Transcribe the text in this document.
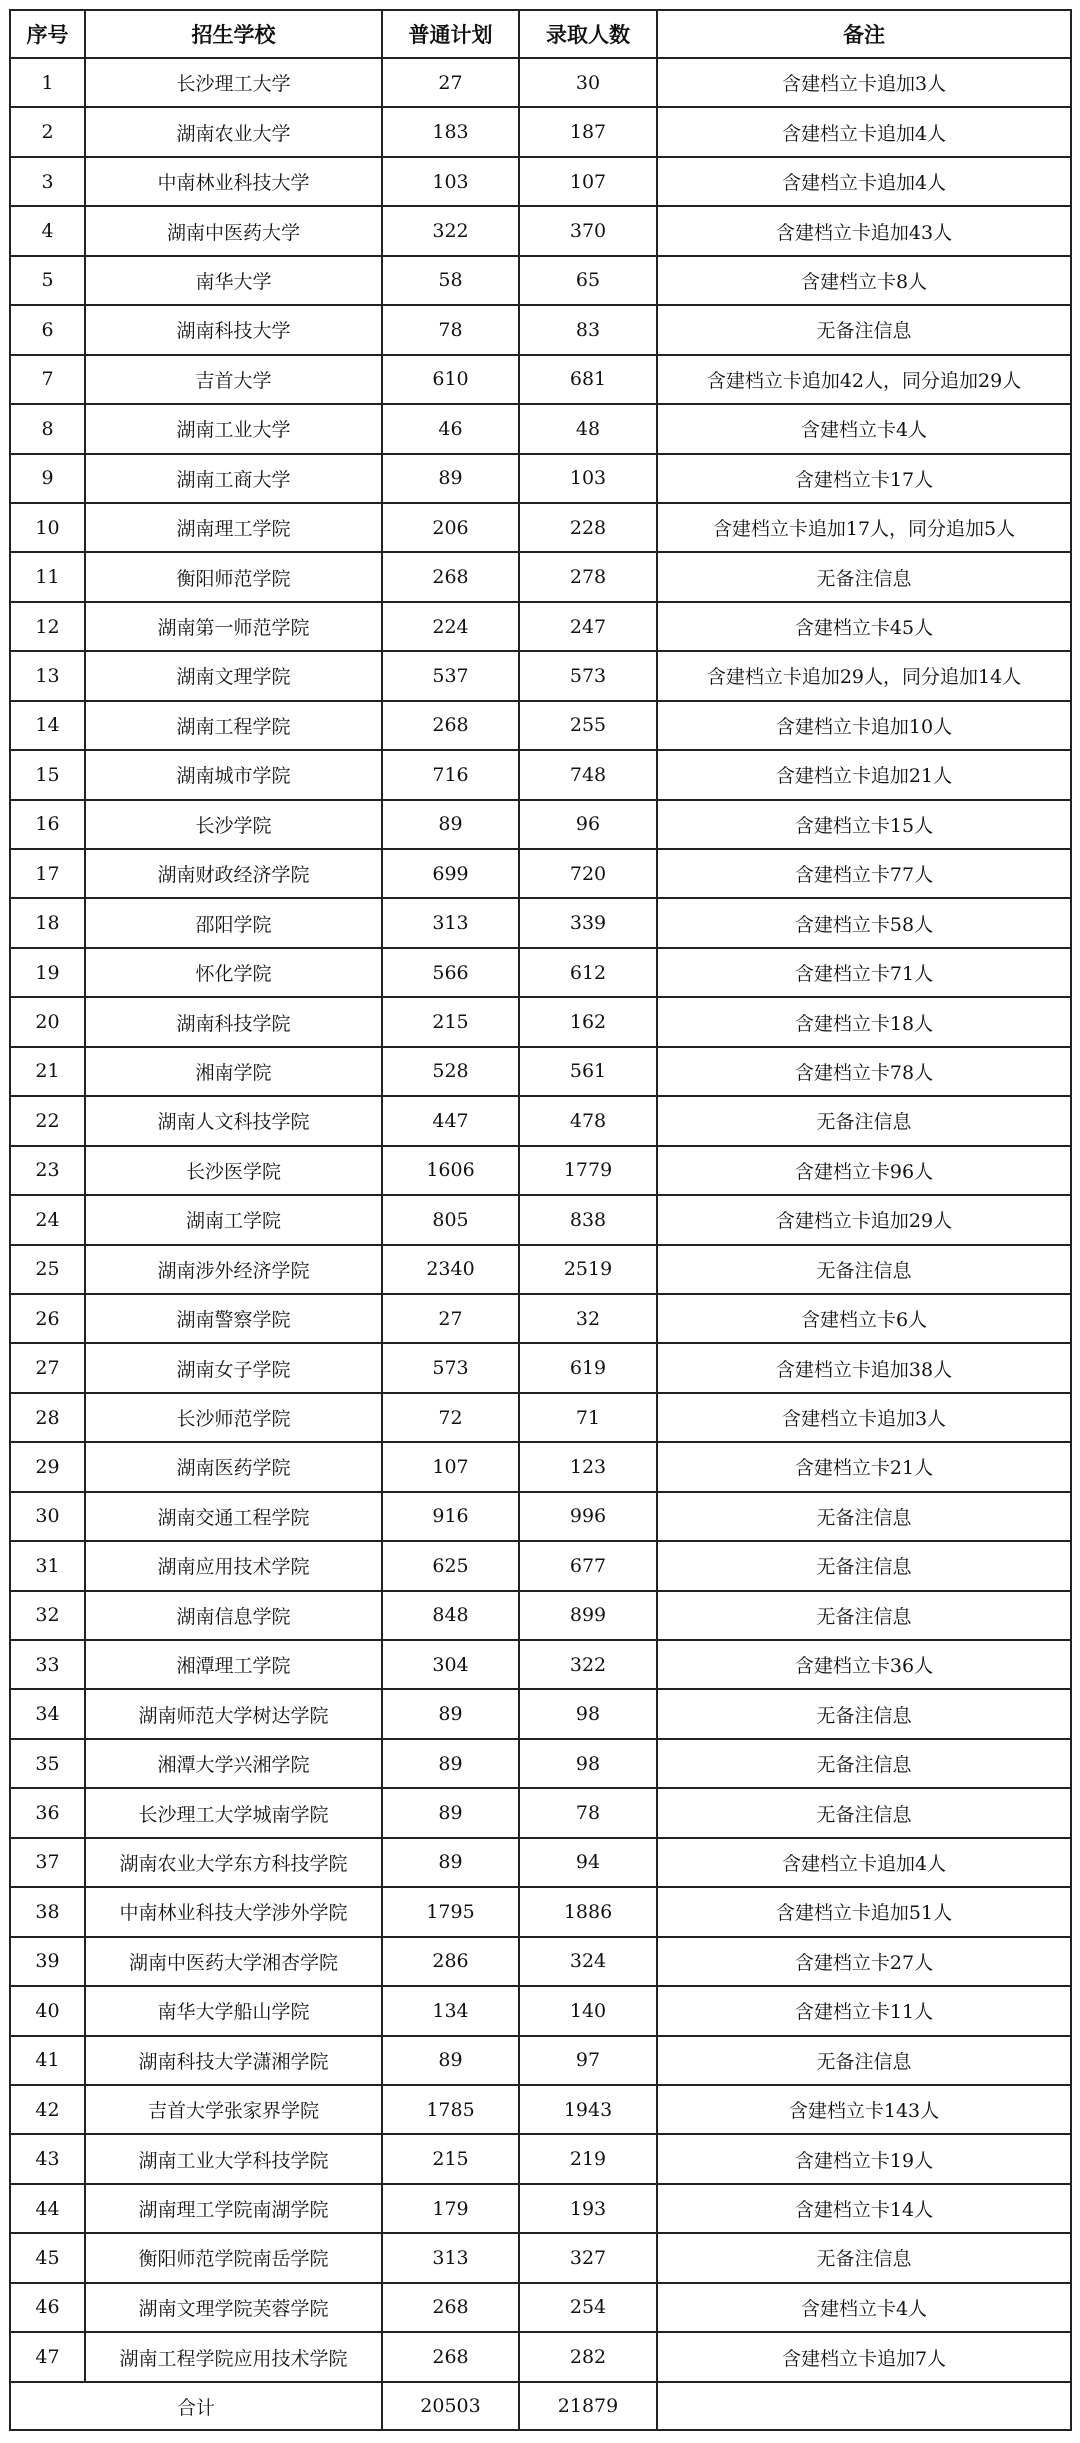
序号	招生学校	普通计划	录取人数	备注
1	长沙理工大学	27	30	含建档立卡追加3人
2	湖南农业大学	183	187	含建档立卡追加4人
3	中南林业科技大学	103	107	含建档立卡追加4人
4	湖南中医药大学	322	370	含建档立卡追加43人
5	南华大学	58	65	含建档立卡8人
6	湖南科技大学	78	83	无备注信息
7	吉首大学	610	681	含建档立卡追加42人，同分追加29人
8	湖南工业大学	46	48	含建档立卡4人
9	湖南工商大学	89	103	含建档立卡17人
10	湖南理工学院	206	228	含建档立卡追加17人，同分追加5人
11	衡阳师范学院	268	278	无备注信息
12	湖南第一师范学院	224	247	含建档立卡45人
13	湖南文理学院	537	573	含建档立卡追加29人，同分追加14人
14	湖南工程学院	268	255	含建档立卡追加10人
15	湖南城市学院	716	748	含建档立卡追加21人
16	长沙学院	89	96	含建档立卡15人
17	湖南财政经济学院	699	720	含建档立卡77人
18	邵阳学院	313	339	含建档立卡58人
19	怀化学院	566	612	含建档立卡71人
20	湖南科技学院	215	162	含建档立卡18人
21	湘南学院	528	561	含建档立卡78人
22	湖南人文科技学院	447	478	无备注信息
23	长沙医学院	1606	1779	含建档立卡96人
24	湖南工学院	805	838	含建档立卡追加29人
25	湖南涉外经济学院	2340	2519	无备注信息
26	湖南警察学院	27	32	含建档立卡6人
27	湖南女子学院	573	619	含建档立卡追加38人
28	长沙师范学院	72	71	含建档立卡追加3人
29	湖南医药学院	107	123	含建档立卡21人
30	湖南交通工程学院	916	996	无备注信息
31	湖南应用技术学院	625	677	无备注信息
32	湖南信息学院	848	899	无备注信息
33	湘潭理工学院	304	322	含建档立卡36人
34	湖南师范大学树达学院	89	98	无备注信息
35	湘潭大学兴湘学院	89	98	无备注信息
36	长沙理工大学城南学院	89	78	无备注信息
37	湖南农业大学东方科技学院	89	94	含建档立卡追加4人
38	中南林业科技大学涉外学院	1795	1886	含建档立卡追加51人
39	湖南中医药大学湘杏学院	286	324	含建档立卡27人
40	南华大学船山学院	134	140	含建档立卡11人
41	湖南科技大学潇湘学院	89	97	无备注信息
42	吉首大学张家界学院	1785	1943	含建档立卡143人
43	湖南工业大学科技学院	215	219	含建档立卡19人
44	湖南理工学院南湖学院	179	193	含建档立卡14人
45	衡阳师范学院南岳学院	313	327	无备注信息
46	湖南文理学院芙蓉学院	268	254	含建档立卡4人
47	湖南工程学院应用技术学院	268	282	含建档立卡追加7人
合计		20503	21879	
